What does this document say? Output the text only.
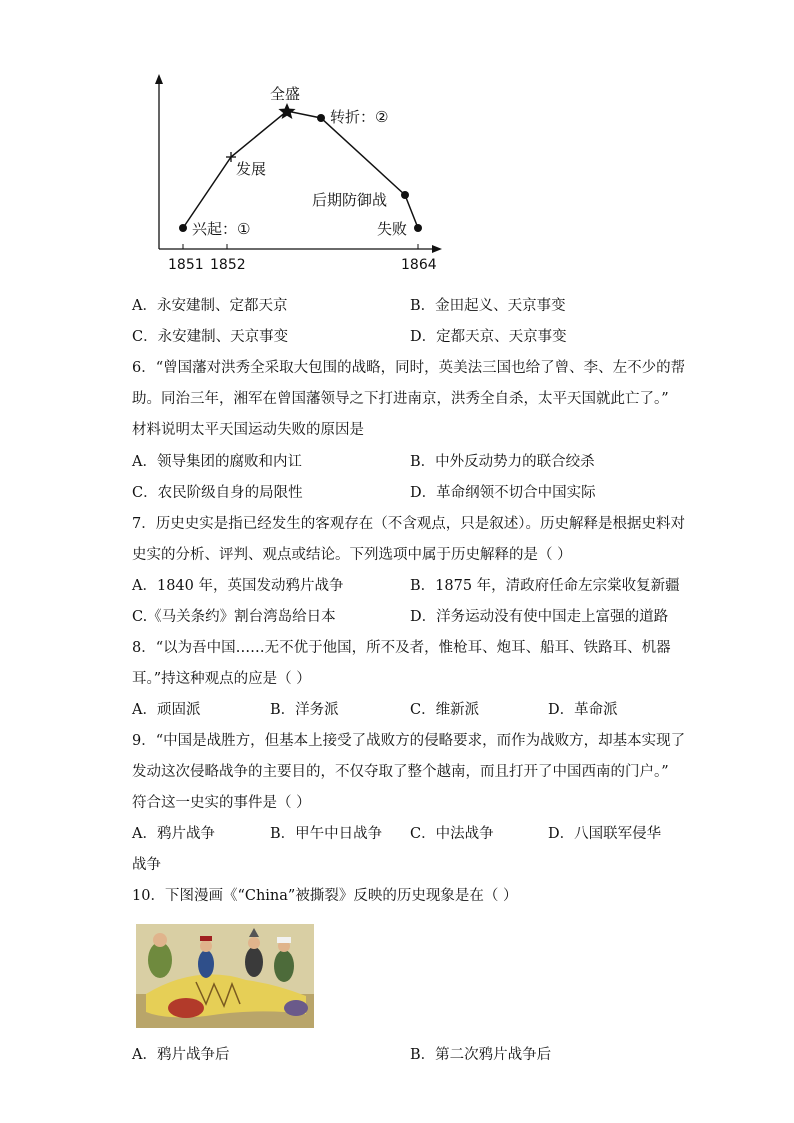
兴起：①
发展
全盛
转折：②
后期防御战
失败
1851 1852	1864
A．永安建制、定都天京	B．金田起义、天京事变
C．永安建制、天京事变	D．定都天京、天京事变
6．“曾国藩对洪秀全采取大包围的战略，同时，英美法三国也给了曾、李、左不少的帮
助。同治三年，湘军在曾国藩领导之下打进南京，洪秀全自杀，太平天国就此亡了。”
材料说明太平天国运动失败的原因是
A．领导集团的腐败和内讧	B．中外反动势力的联合绞杀
C．农民阶级自身的局限性	D．革命纲领不切合中国实际
7．历史史实是指已经发生的客观存在（不含观点，只是叙述）。历史解释是根据史料对
史实的分析、评判、观点或结论。下列选项中属于历史解释的是（ ）
A．1840 年，英国发动鸦片战争	B．1875 年，清政府任命左宗棠收复新疆
C.《马关条约》割台湾岛给日本	D．洋务运动没有使中国走上富强的道路
8．“以为吾中国……无不优于他国，所不及者，惟枪耳、炮耳、船耳、铁路耳、机器
耳。”持这种观点的应是（ ）
A．顽固派	B．洋务派	C．维新派	D．革命派
9．“中国是战胜方，但基本上接受了战败方的侵略要求，而作为战败方，却基本实现了
发动这次侵略战争的主要目的，不仅夺取了整个越南，而且打开了中国西南的门户。”
符合这一史实的事件是（ ）
A．鸦片战争	B．甲午中日战争 C．中法战争	D．八国联军侵华
战争
10．下图漫画《“China”被撕裂》反映的历史现象是在（ ）
A．鸦片战争后	B．第二次鸦片战争后
